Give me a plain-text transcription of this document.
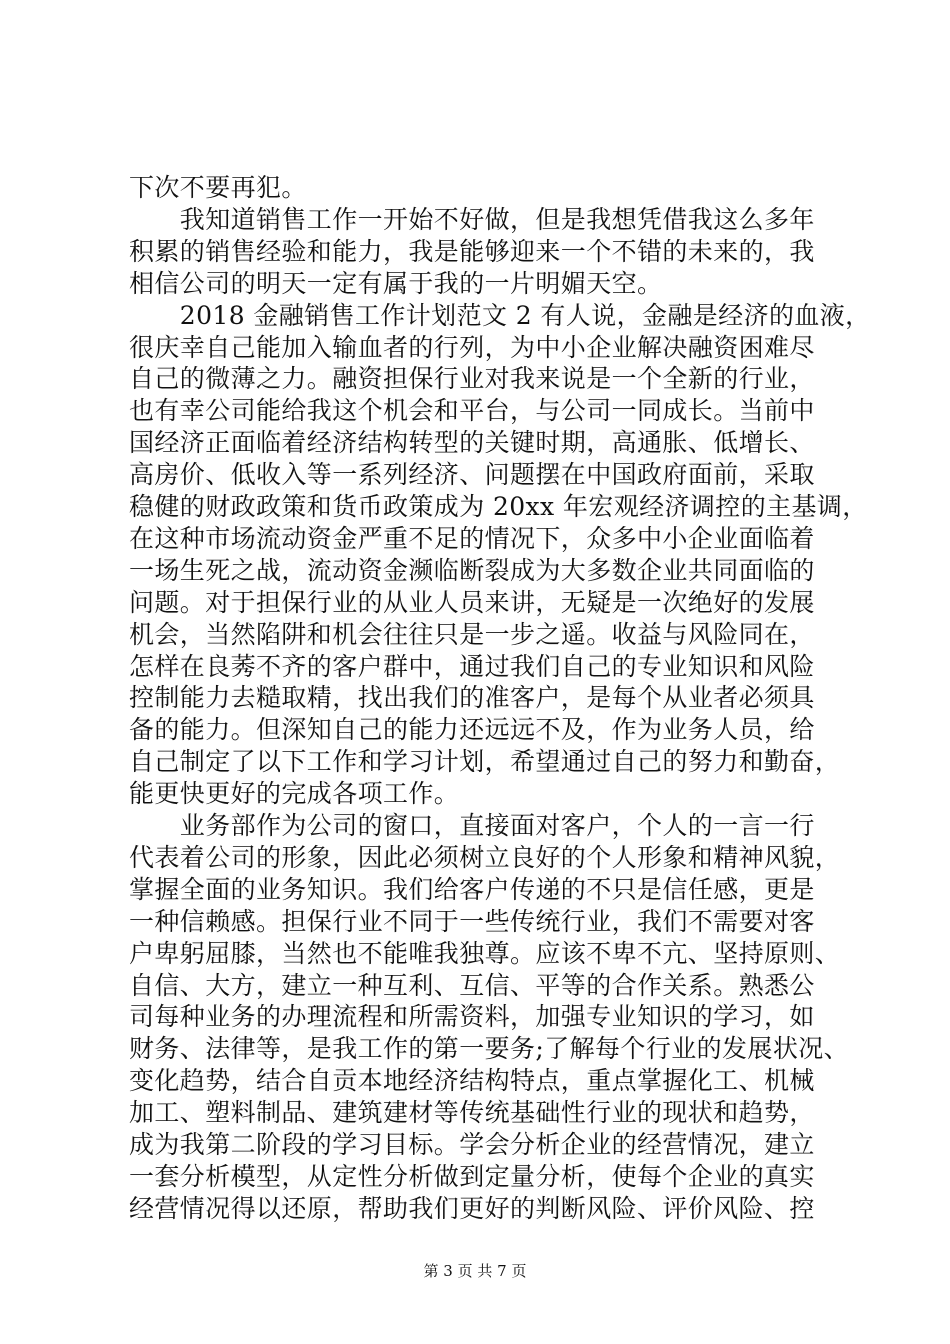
下次不要再犯。
　　我知道销售工作一开始不好做，但是我想凭借我这么多年
积累的销售经验和能力，我是能够迎来一个不错的未来的，我
相信公司的明天一定有属于我的一片明媚天空。
　　2018 金融销售工作计划范文 2 有人说，金融是经济的血液，
很庆幸自己能加入输血者的行列，为中小企业解决融资困难尽
自己的微薄之力。融资担保行业对我来说是一个全新的行业，
也有幸公司能给我这个机会和平台，与公司一同成长。当前中
国经济正面临着经济结构转型的关键时期，高通胀、低增长、
高房价、低收入等一系列经济、问题摆在中国政府面前，采取
稳健的财政政策和货币政策成为 20xx 年宏观经济调控的主基调，
在这种市场流动资金严重不足的情况下，众多中小企业面临着
一场生死之战，流动资金濒临断裂成为大多数企业共同面临的
问题。对于担保行业的从业人员来讲，无疑是一次绝好的发展
机会，当然陷阱和机会往往只是一步之遥。收益与风险同在，
怎样在良莠不齐的客户群中，通过我们自己的专业知识和风险
控制能力去糙取精，找出我们的准客户，是每个从业者必须具
备的能力。但深知自己的能力还远远不及，作为业务人员，给
自己制定了以下工作和学习计划，希望通过自己的努力和勤奋，
能更快更好的完成各项工作。
　　业务部作为公司的窗口，直接面对客户，个人的一言一行
代表着公司的形象，因此必须树立良好的个人形象和精神风貌，
掌握全面的业务知识。我们给客户传递的不只是信任感，更是
一种信赖感。担保行业不同于一些传统行业，我们不需要对客
户卑躬屈膝，当然也不能唯我独尊。应该不卑不亢、坚持原则、
自信、大方，建立一种互利、互信、平等的合作关系。熟悉公
司每种业务的办理流程和所需资料，加强专业知识的学习，如
财务、法律等，是我工作的第一要务;了解每个行业的发展状况、
变化趋势，结合自贡本地经济结构特点，重点掌握化工、机械
加工、塑料制品、建筑建材等传统基础性行业的现状和趋势，
成为我第二阶段的学习目标。学会分析企业的经营情况，建立
一套分析模型，从定性分析做到定量分析，使每个企业的真实
经营情况得以还原，帮助我们更好的判断风险、评价风险、控
第 3 页 共 7 页
